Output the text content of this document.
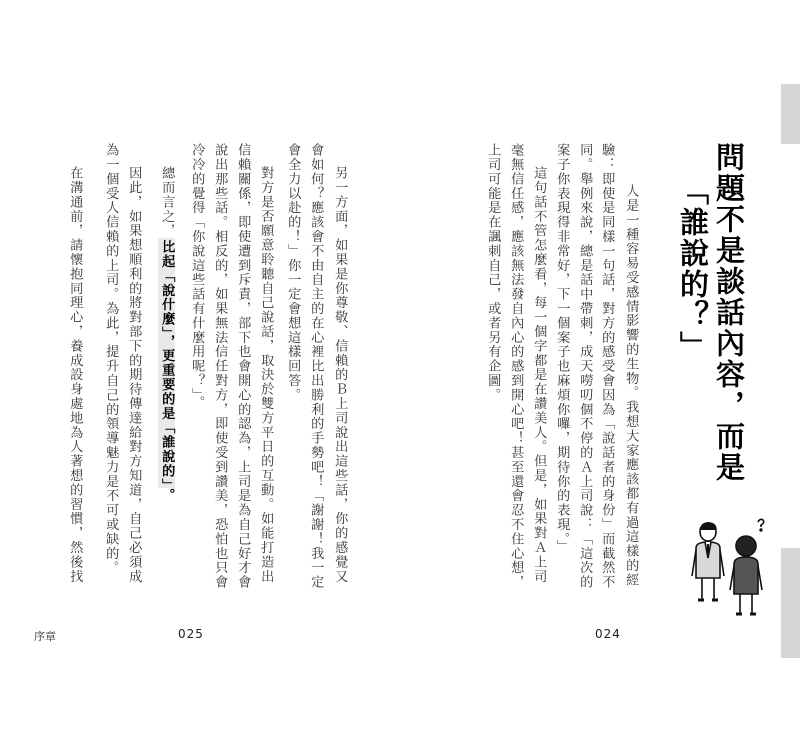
問題不是談話內容，而是
「誰說的？」
人是一種容易受感情影響的生物。我想大家應該都有過這樣的經
驗：即使是同樣一句話，對方的感受會因為「說話者的身份」而截然不
同。舉例來說，總是話中帶刺，成天嘮叨個不停的Ａ上司說：「這次的
案子你表現得非常好，下一個案子也麻煩你囉，期待你的表現。」
這句話不管怎麼看，每一個字都是在讚美人。但是，如果對Ａ上司
毫無信任感，應該無法發自內心的感到開心吧！甚至還會忍不住心想，
上司可能是在諷刺自己，或者另有企圖。
另一方面，如果是你尊敬、信賴的Ｂ上司說出這些話，你的感覺又
會如何？應該會不由自主的在心裡比出勝利的手勢吧！「謝謝！我一定
會全力以赴的！」你一定會想這樣回答。
對方是否願意聆聽自己說話，取決於雙方平日的互動。如能打造出
信賴關係，即使遭到斥責，部下也會開心的認為，上司是為自己好才會
說出那些話。相反的，如果無法信任對方，即使受到讚美，恐怕也只會
冷冷的覺得「你說這些話有什麼用呢？」。
總而言之，比起「說什麼」，更重要的是「誰說的」。
因此，如果想順利的將對部下的期待傳達給對方知道，自己必須成
為一個受人信賴的上司。為此，提升自己的領導魅力是不可或缺的。
在溝通前，請懷抱同理心，養成設身處地為人著想的習慣，然後找
序章	025	024
